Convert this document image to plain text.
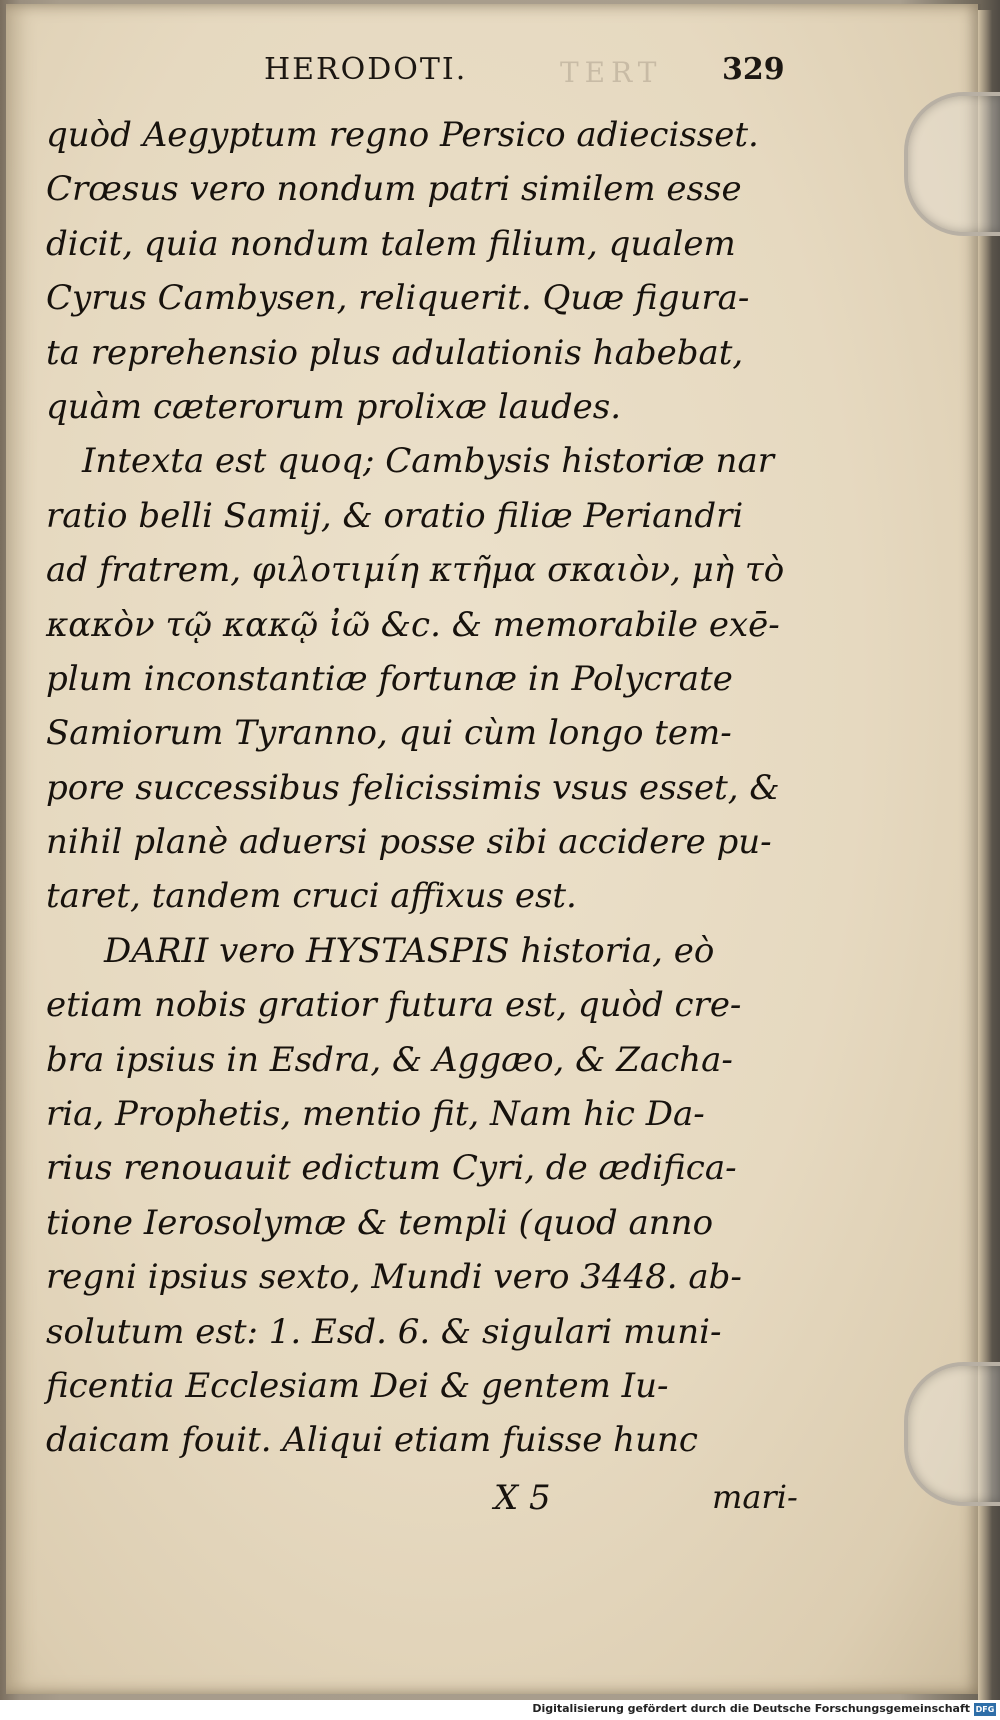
HERODOTI.	TERT 329
quòd Aegyptum regno Persico adiecisset.
Crœsus vero nondum patri similem esse
dicit, quia nondum talem filium, qualem
Cyrus Cambysen, reliquerit. Quæ figura-
ta reprehensio plus adulationis habebat,
quàm cæterorum prolixæ laudes.
Intexta est quoq; Cambysis historiæ nar
ratio belli Samij, & oratio filiæ Periandri
ad fratrem, φιλοτιμίη κτῆμα σκαιὸν, μὴ τὸ
κακὸν τῷ κακῷ ἰῶ &c. & memorabile exē-
plum inconstantiæ fortunæ in Polycrate
Samiorum Tyranno, qui cùm longo tem-
pore successibus felicissimis vsus esset, &
nihil planè aduersi posse sibi accidere pu-
taret, tandem cruci affixus est.
DARII vero HYSTASPIS historia, eò
etiam nobis gratior futura est, quòd cre-
bra ipsius in Esdra, & Aggæo, & Zacha-
ria, Prophetis, mentio fit, Nam hic Da-
rius renouauit edictum Cyri, de ædifica-
tione Ierosolymæ & templi (quod anno
regni ipsius sexto, Mundi vero 3448. ab-
solutum est: 1. Esd. 6. & sigulari muni-
ficentia Ecclesiam Dei & gentem Iu-
daicam fouit. Aliqui etiam fuisse hunc
X 5	mari-
Digitalisierung gefördert durch die Deutsche Forschungsgemeinschaft DFG
